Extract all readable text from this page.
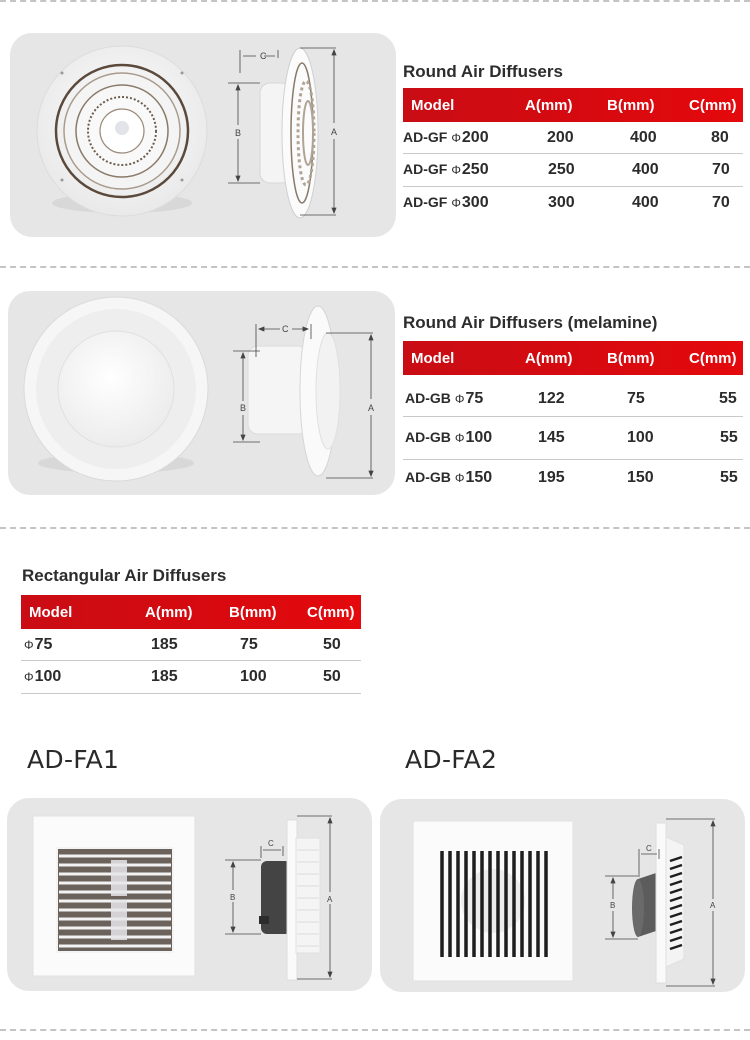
C
B	A
Round Air Diffusers
Model	A(mm)	B(mm)	C(mm)
AD-GF Φ200	200	400	80
AD-GF Φ250	250	400	70
AD-GF Φ300	300	400	70
C
B	A
Round Air Diffusers (melamine)
Model	A(mm)	B(mm)	C(mm)
AD-GB Φ75	122	75	55
AD-GB Φ100	145	100	55
AD-GB Φ150	195	150	55
Rectangular Air Diffusers
Model	A(mm)	B(mm)	C(mm)
Φ75	185	75	50
Φ100	185	100	50
AD-FA1	AD-FA2
C
B	A
C
B	A
